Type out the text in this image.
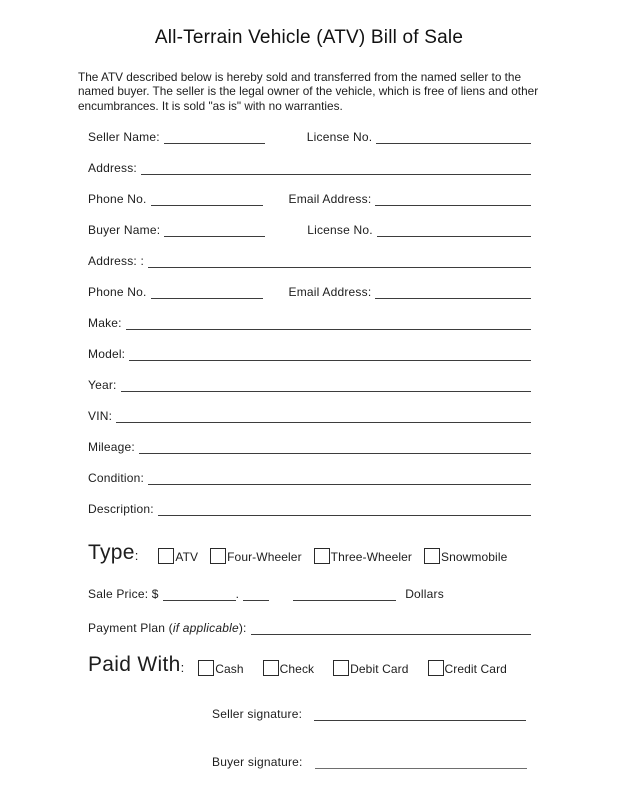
All-Terrain Vehicle (ATV) Bill of Sale
The ATV described below is hereby sold and transferred from the named seller to the
named buyer. The seller is the legal owner of the vehicle, which is free of liens and other
encumbrances. It is sold "as is" with no warranties.
Seller Name:	License No.
Address:
Phone No.	Email Address:
Buyer Name:	License No.
Address: :
Phone No.	Email Address:
Make:
Model:
Year:
VIN:
Mileage:
Condition:
Description:
Type :	ATV Four-Wheeler Three-Wheeler Snowmobile
Sale Price: $	.	Dollars
Payment Plan (if applicable):
Paid With :	Cash	Check	Debit Card	Credit Card
Seller signature:
Buyer signature:
